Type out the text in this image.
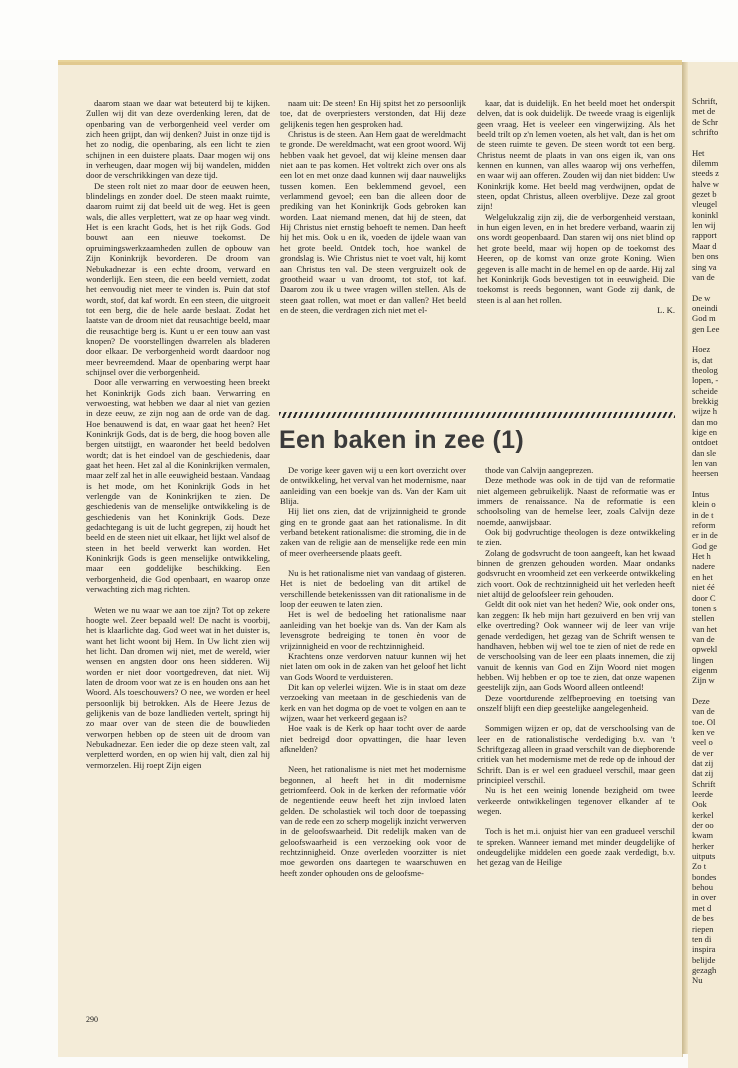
daarom staan we daar wat beteuterd bij te kijken. Zullen wij dit van deze overdenking leren, dat de openbaring van de verborgenheid veel verder om zich heen grijpt, dan wij denken? Juist in onze tijd is het zo nodig, die openbaring, als een licht te zien schijnen in een duistere plaats. Daar mogen wij ons in verheugen, daar mogen wij bij wandelen, midden door de verschrikkingen van deze tijd.

De steen rolt niet zo maar door de eeuwen heen, blindelings en zonder doel. De steen maakt ruimte, daarom ruimt zij dat beeld uit de weg. Het is geen wals, die alles verplettert, wat ze op haar weg vindt. Het is een kracht Gods, het is het rijk Gods. God bouwt aan een nieuwe toekomst. De opruimingswerkzaamheden zullen de opbouw van Zijn Koninkrijk bevorderen. De droom van Nebukadnezar is een echte droom, verward en wonderlijk. Een steen, die een beeld verniett, zodat het eenvoudig niet meer te vinden is. Puin dat stof wordt, stof, dat kaf wordt. En een steen, die uitgroeit tot een berg, die de hele aarde beslaat. Zodat het laatste van de droom niet dat reusachtige beeld, maar die reusachtige berg is. Kunt u er een touw aan vast knopen? De voorstellingen dwarrelen als bladeren door elkaar. De verborgenheid wordt daardoor nog meer bevreemdend. Maar de openbaring werpt haar schijnsel over die verborgenheid.

Door alle verwarring en verwoesting heen breekt het Koninkrijk Gods zich baan. Verwarring en verwoesting, wat hebben we daar al niet van gezien in deze eeuw, ze zijn nog aan de orde van de dag. Hoe benauwend is dat, en waar gaat het heen? Het Koninkrijk Gods, dat is de berg, die hoog boven alle bergen uitstijgt, en waaronder het beeld bedolven wordt; dat is het eindoel van de geschiedenis, daar gaat het heen. Het zal al die Koninkrijken vermalen, maar zelf zal het in alle eeuwigheid bestaan. Vandaag is het mode, om het Koninkrijk Gods in het verlengde van de Koninkrijken te zien. De geschiedenis van de menselijke ontwikkeling is de geschiedenis van het Koninkrijk Gods. Deze gedachtegang is uit de lucht gegrepen, zij houdt het beeld en de steen niet uit elkaar, het lijkt wel alsof de steen in het beeld verwerkt kan worden. Het Koninkrijk Gods is geen menselijke ontwikkeling, maar een goddelijke beschikking. Een verborgenheid, die God openbaart, en waarop onze verwachting zich mag richten.

Weten we nu waar we aan toe zijn? Tot op zekere hoogte wel. Zeer bepaald wel! De nacht is voorbij, het is klaarlichte dag. God weet wat in het duister is, want het licht woont bij Hem. In Uw licht zien wij het licht. Dan dromen wij niet, met de wereld, wier wensen en angsten door ons heen sidderen. Wij worden er niet door voortgedreven, dat niet. Wij laten de droom voor wat ze is en houden ons aan het Woord. Als toeschouwers? O nee, we worden er heel persoonlijk bij betrokken. Als de Heere Jezus de gelijkenis van de boze landlieden vertelt, springt hij zo maar over van de steen die de bouwlieden verworpen hebben op de steen uit de droom van Nebukadnezar. Een ieder die op deze steen valt, zal verpletterd worden, en op wien hij valt, dien zal hij vermorzelen. Hij roept Zijn eigen

naam uit: De steen! En Hij spitst het zo persoonlijk toe, dat de overpriesters verstonden, dat Hij deze gelijkenis tegen hen gesproken had.

Christus is de steen. Aan Hem gaat de wereldmacht te gronde. De wereldmacht, wat een groot woord. Wij hebben vaak het gevoel, dat wij kleine mensen daar niet aan te pas komen. Het voltrekt zich over ons als een lot en met onze daad kunnen wij daar nauwelijks tussen komen. Een beklemmend gevoel, een verlammend gevoel; een ban die alleen door de prediking van het Koninkrijk Gods gebroken kan worden. Laat niemand menen, dat hij de steen, dat Hij Christus niet ernstig behoeft te nemen. Dan heeft hij het mis. Ook u en ik, voeden de ijdele waan van het grote beeld. Ontdek toch, hoe wankel de grondslag is. Wie Christus niet te voet valt, hij komt aan Christus ten val. De steen vergruizelt ook de grootheid waar u van droomt, tot stof, tot kaf. Daarom zou ik u twee vragen willen stellen. Als de steen gaat rollen, wat moet er dan vallen? Het beeld en de steen, die verdragen zich niet met el-

kaar, dat is duidelijk. En het beeld moet het onderspit delven, dat is ook duidelijk. De tweede vraag is eigenlijk geen vraag. Het is veeleer een vingerwijzing. Als het beeld trilt op z'n lemen voeten, als het valt, dan is het om de steen ruimte te geven. De steen wordt tot een berg. Christus neemt de plaats in van ons eigen ik, van ons kennen en kunnen, van alles waarop wij ons verheffen, en waar wij aan offeren. Zouden wij dan niet bidden: Uw Koninkrijk kome. Het beeld mag verdwijnen, opdat de steen, opdat Christus, alleen overblijve. Deze zal groot zijn!

Welgelukzalig zijn zij, die de verborgenheid verstaan, in hun eigen leven, en in het bredere verband, waarin zij ons wordt geopenbaard. Dan staren wij ons niet blind op het grote beeld, maar wij hopen op de toekomst des Heeren, op de komst van onze grote Koning. Wien gegeven is alle macht in de hemel en op de aarde. Hij zal het Koninkrijk Gods bevestigen tot in eeuwigheid. Die toekomst is reeds begonnen, want Gode zij dank, de steen is al aan het rollen.

L. K.
Een baken in zee (1)

De vorige keer gaven wij u een kort overzicht over de ontwikkeling, het verval van het modernisme, naar aanleiding van een boekje van ds. Van der Kam uit Blija.

Hij liet ons zien, dat de vrijzinnigheid te gronde ging en te gronde gaat aan het rationalisme. In dit verband betekent rationalisme: die stroming, die in de zaken van de religie aan de menselijke rede een min of meer overheersende plaats geeft.

Nu is het rationalisme niet van vandaag of gisteren. Het is niet de bedoeling van dit artikel de verschillende betekenisssen van dit rationalisme in de loop der eeuwen te laten zien.

Het is wel de bedoeling het rationalisme naar aanleiding van het boekje van ds. Van der Kam als levensgrote bedreiging te tonen èn voor de vrijzinnigheid en voor de rechtzinnigheid.

Krachtens onze verdorven natuur kunnen wij het niet laten om ook in de zaken van het geloof het licht van Gods Woord te verduisteren.

Dit kan op velerlei wijzen. Wie is in staat om deze verzoeking van meetaan in de geschiedenis van de kerk en van het dogma op de voet te volgen en aan te wijzen, waar het verkeerd gegaan is?

Hoe vaak is de Kerk op haar tocht over de aarde niet bedreigd door opvattingen, die haar leven afknelden?

Neen, het rationalisme is niet met het modernisme begonnen, al heeft het in dit modernisme getriomfeerd. Ook in de kerken der reformatie vóór de negentiende eeuw heeft het zijn invloed laten gelden. De scholastiek wil toch door de toepassing van de rede een zo scherp mogelijk inzicht verwerven in de geloofswaarheid. Dit redelijk maken van de geloofswaarheid is een verzoeking ook voor de rechtzinnigheid. Onze overleden voorzitter is niet moe geworden ons daartegen te waarschuwen en heeft zonder ophouden ons de geloofsme-

thode van Calvijn aangeprezen.

Deze methode was ook in de tijd van de reformatie niet algemeen gebruikelijk. Naast de reformatie was er immers de renaissance. Na de reformatie is een schoolsoling van de hemelse leer, zoals Calvijn deze noemde, aanwijsbaar.

Ook bij godvruchtige theologen is deze ontwikkeling te zien.

Zolang de godsvrucht de toon aangeeft, kan het kwaad binnen de grenzen gehouden worden. Maar ondanks godsvrucht en vroomheid zet een verkeerde ontwikkeling zich voort. Ook de rechtzinnigheid uit het verleden heeft niet altijd de geloofsleer rein gehouden.

Geldt dit ook niet van het heden? Wie, ook onder ons, kan zeggen: Ik heb mijn hart gezuiverd en ben vrij van elke overtreding? Ook wanneer wij de leer van vrije genade verdedigen, het gezag van de Schrift wensen te handhaven, hebben wij wel toe te zien of niet de rede en de verschoolsing van de leer een plaats innemen, die zij vanuit de kennis van God en Zijn Woord niet mogen hebben. Wij hebben er op toe te zien, dat onze wapenen geestelijk zijn, aan Gods Woord alleen ontleend!

Deze voortdurende zelfbeproeving en toetsing van onszelf blijft een diep geestelijke aangelegenheid.

Sommigen wijzen er op, dat de verschoolsing van de leer en de rationalistische verdediging b.v. van 't Schriftgezag alleen in graad verschilt van de diepborende critiek van het modernisme met de rede op de inhoud der Schrift. Dan is er wel een gradueel verschil, maar geen principieel verschil.

Nu is het een weinig lonende bezigheid om twee verkeerde ontwikkelingen tegenover elkander af te wegen.

Toch is het m.i. onjuist hier van een gradueel verschil te spreken. Wanneer iemand met minder deugdelijke of ondeugdelijke middelen een goede zaak verdedigt, b.v. het gezag van de Heilige

290
Schrift,
met de
de Schr
schrifto
Het
dilemm
steeds z
halve w
gezet b
vleugel
koninkl
len wij
rapport
Maar d
ben ons
sing va
van de
De w
oneindi
God m
gen Lee
Hoez
is, dat
theolog
lopen, -
scheide
brekkig
wijze h
dan mo
kige en
ontdoet
dan sle
len van
heersen
Intus
klein o
in de t
reform
er in de
God ge
Het h
nadere
en het
niet éé
door C
tonen s
stellen
van het
van de
opwekl
lingen
eigenm
Zijn w
Deze
van de
toe. Ol
ken ve
veel o
de ver
dat zij
dat zij
Schrift
leerde
Ook
kerkel
der oo
kwam
herker
uitputs
Zo t
bondes
behou
in over
met d
de bes
riepen
ten di
inspira
belijde
gezagh
Nu
